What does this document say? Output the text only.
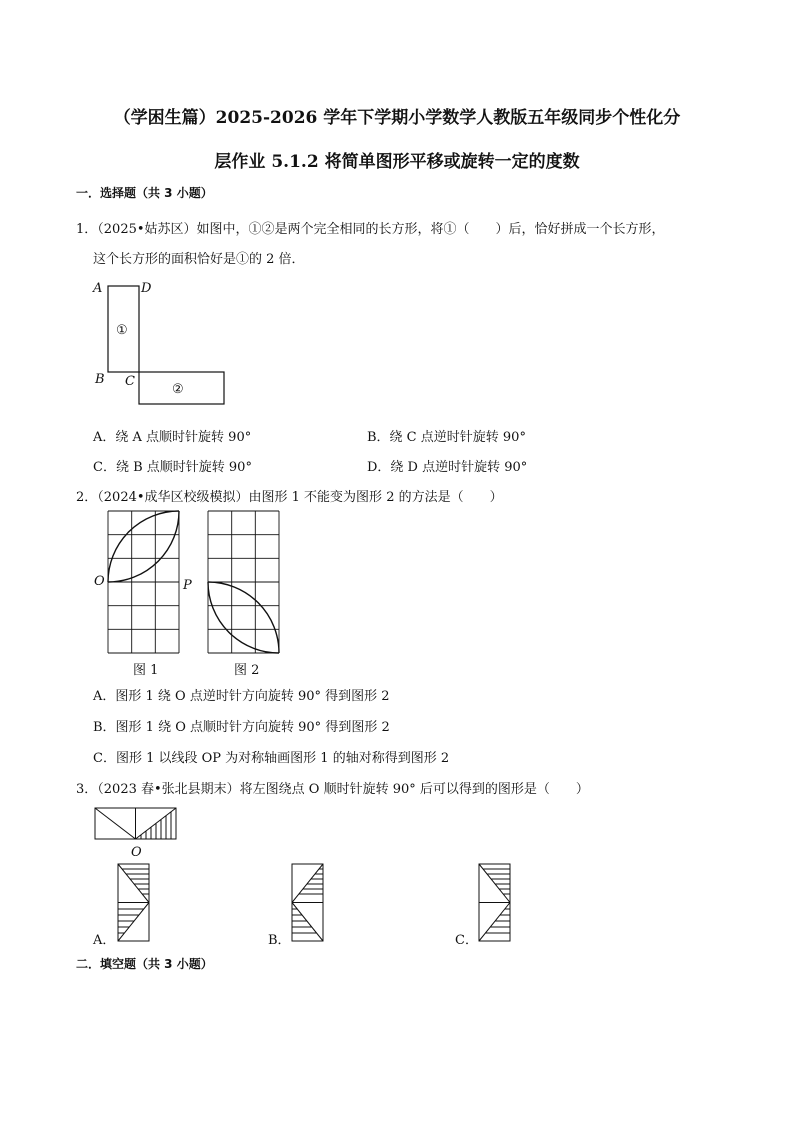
（学困生篇）2025-2026 学年下学期小学数学人教版五年级同步个性化分
层作业 5.1.2 将简单图形平移或旋转一定的度数
一．选择题（共 3 小题）
1．（2025•姑苏区）如图中，①②是两个完全相同的长方形，将①（　　）后，恰好拼成一个长方形，
这个长方形的面积恰好是①的 2 倍．
A	D
B C
①
②
A．绕 A 点顺时针旋转 90°	B．绕 C 点逆时针旋转 90°
C．绕 B 点顺时针旋转 90°	D．绕 D 点逆时针旋转 90°
2．（2024•成华区校级模拟）由图形 1 不能变为图形 2 的方法是（　　）
O	P
图 1	图 2
A．图形 1 绕 O 点逆时针方向旋转 90° 得到图形 2
B．图形 1 绕 O 点顺时针方向旋转 90° 得到图形 2
C．图形 1 以线段 OP 为对称轴画图形 1 的轴对称得到图形 2
3．（2023 春•张北县期末）将左图绕点 O 顺时针旋转 90° 后可以得到的图形是（　　）
O
A．	B．	C．
二．填空题（共 3 小题）
